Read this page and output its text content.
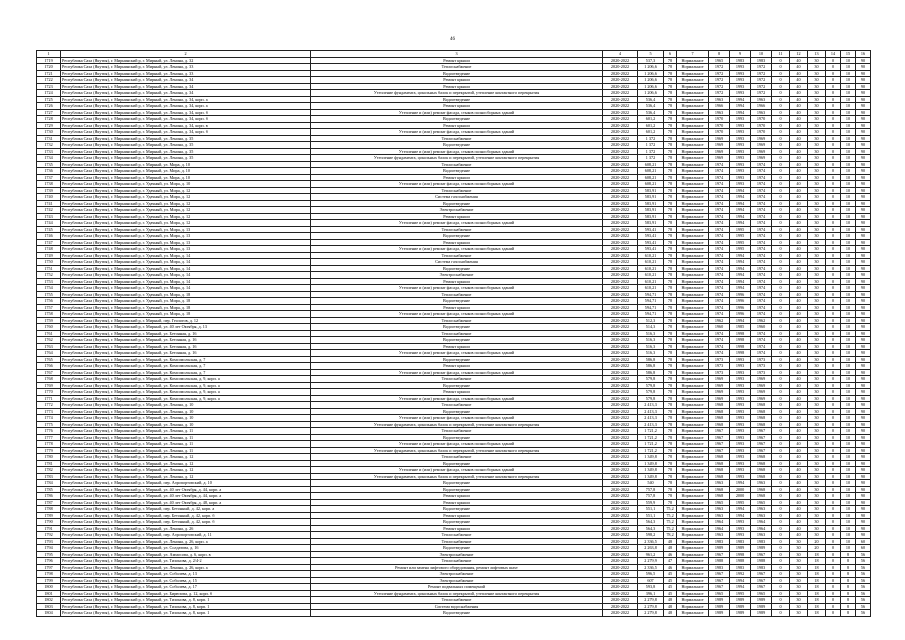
46
1	2	3	4	5	6	7	8	9	10	11	12	13	14	15	16
1719	Республика Саха (Якутия), г. Мирнинский р, г. Мирный, ул. Ленина, д. 32	Ремонт крыши	2020-2022	537,3	78	Нормальное	1965	1983	1983	0	40	30	0	10	90
1720	Республика Саха (Якутия), г. Мирнинский р, г. Мирный, ул. Ленина, д. 33	Теплоснабжение	2020-2022	1 206,6	78	Нормальное	1972	1993	1972	0	40	30	0	10	90
1721	Республика Саха (Якутия), г. Мирнинский р, г. Мирный, ул. Ленина, д. 33	Водоотведение	2020-2022	1 206,6	78	Нормальное	1972	1993	1972	0	40	30	0	10	90
1722	Республика Саха (Якутия), г. Мирнинский р, г. Мирный, ул. Ленина, д. 34	Ремонт крыши	2020-2022	1 206,6	78	Нормальное	1972	1993	1972	0	40	30	0	10	90
1723	Республика Саха (Якутия), г. Мирнинский р, г. Мирный, ул. Ленина, д. 34	Ремонт крыши	2020-2022	1 206,6	78	Нормальное	1972	1993	1972	0	40	30	0	10	90
1724	Республика Саха (Якутия), г. Мирнинский р, г. Мирный, ул. Ленина, д. 34	Утепление фундамента, цокольных балок и перекрытий, утепление контактного перекрытия	2020-2022	1 206,6	78	Нормальное	1972	1993	1972	0	40	30	0	10	90
1725	Республика Саха (Якутия), г. Мирнинский р, г. Мирный, ул. Ленина, д. 34, корп. а	Водоотведение	2020-2022	536,4	78	Нормальное	1963	1994	1963	0	40	30	0	10	90
1726	Республика Саха (Якутия), г. Мирнинский р, г. Мирный, ул. Ленина, д. 34, корп. а	Ремонт крыши	2020-2022	536,4	78	Нормальное	1966	1994	1966	0	40	30	0	10	90
1727	Республика Саха (Якутия), г. Мирнинский р, г. Мирный, ул. Ленина, д. 34, корп. б	Утепление и (или) ремонт фасада, стыков полносборных зданий	2020-2022	536,4	78	Нормальное	1963	1994	1963	0	40	30	0	10	90
1728	Республика Саха (Якутия), г. Мирнинский р, г. Мирный, ул. Ленина, д. 34, корп. б	Водоотведение	2020-2022	601,2	78	Нормальное	1970	1993	1970	0	40	30	0	10	90
1729	Республика Саха (Якутия), г. Мирнинский р, г. Мирный, ул. Ленина, д. 34, корп. в	Ремонт крыши	2020-2022	601,2	78	Нормальное	1970	1993	1970	0	40	30	0	10	90
1730	Республика Саха (Якутия), г. Мирнинский р, г. Мирный, ул. Ленина, д. 34, корп. б	Утепление и (или) ремонт фасада, стыков полносборных зданий	2020-2022	601,2	78	Нормальное	1970	1993	1970	0	40	30	0	10	90
1731	Республика Саха (Якутия), г. Мирнинский р, г. Мирный, ул. Ленина, д. 35	Теплоснабжение	2020-2022	1 372	78	Нормальное	1969	1993	1969	0	40	30	0	10	90
1732	Республика Саха (Якутия), г. Мирнинский р, г. Мирный, ул. Ленина, д. 35	Водоотведение	2020-2022	1 372	78	Нормальное	1969	1993	1969	0	40	30	0	10	90
1733	Республика Саха (Якутия), г. Мирнинский р, г. Мирный, ул. Ленина, д. 35	Утепление и (или) ремонт фасада, стыков полносборных зданий	2020-2022	1 372	78	Нормальное	1969	1993	1969	0	40	30	0	10	90
1734	Республика Саха (Якутия), г. Мирнинский р, г. Мирный, ул. Ленина, д. 35	Утепление фундамента, цокольных балок и перекрытий, утепление контактного перекрытия	2020-2022	1 372	78	Нормальное	1969	1993	1969	0	40	30	0	10	90
1735	Республика Саха (Якутия), г. Мирнинский р, г. Мирный, ул. Мира, д. 10	Теплоснабжение	2020-2022	608,21	78	Нормальное	1974	1993	1974	0	40	30	0	10	90
1736	Республика Саха (Якутия), г. Мирнинский р, г. Мирный, ул. Мира, д. 10	Водоотведение	2020-2022	608,21	78	Нормальное	1974	1993	1974	0	40	30	0	10	90
1737	Республика Саха (Якутия), г. Мирнинский р, г. Мирный, ул. Мира, д. 10	Ремонт крыши	2020-2022	608,21	78	Нормальное	1974	1993	1974	0	40	30	0	10	90
1738	Республика Саха (Якутия), г. Мирнинский р, г. Удачный, ул. Мира, д. 10	Утепление и (или) ремонт фасада, стыков полносборных зданий	2020-2022	608,21	78	Нормальное	1974	1993	1974	0	40	30	0	10	90
1739	Республика Саха (Якутия), г. Мирнинский р, г. Удачный, ул. Мира, д. 12	Теплоснабжение	2020-2022	583,91	78	Нормальное	1974	1994	1974	0	40	30	0	10	90
1740	Республика Саха (Якутия), г. Мирнинский р, г. Удачный, ул. Мира, д. 12	Система газоснабжения	2020-2022	583,91	78	Нормальное	1974	1994	1974	0	40	30	0	10	90
1741	Республика Саха (Якутия), г. Мирнинский р, г. Удачный, ул. Мира, д. 12	Водоотведение	2020-2022	583,91	78	Нормальное	1974	1994	1974	0	40	30	0	10	90
1742	Республика Саха (Якутия), г. Мирнинский р, г. Удачный, ул. Мира, д. 12	Электроснабжение	2020-2022	583,91	78	Нормальное	1974	1994	1974	0	40	30	0	10	90
1743	Республика Саха (Якутия), г. Мирнинский р, г. Удачный, ул. Мира, д. 12	Ремонт крыши	2020-2022	583,91	78	Нормальное	1974	1994	1974	0	40	30	0	10	90
1744	Республика Саха (Якутия), г. Мирнинский р, г. Удачный, ул. Мира, д. 12	Утепление и (или) ремонт фасада, стыков полносборных зданий	2020-2022	583,91	78	Нормальное	1974	1994	1974	0	40	30	0	10	90
1745	Республика Саха (Якутия), г. Мирнинский р, г. Удачный, ул. Мира, д. 13	Теплоснабжение	2020-2022	593,41	78	Нормальное	1974	1995	1974	0	40	30	0	10	90
1746	Республика Саха (Якутия), г. Мирнинский р, г. Удачный, ул. Мира, д. 13	Водоотведение	2020-2022	593,41	78	Нормальное	1974	1995	1974	0	40	30	0	10	90
1747	Республика Саха (Якутия), г. Мирнинский р, г. Удачный, ул. Мира, д. 13	Ремонт крыши	2020-2022	593,41	78	Нормальное	1974	1995	1974	0	40	30	0	10	90
1748	Республика Саха (Якутия), г. Мирнинский р, г. Удачный, ул. Мира, д. 13	Утепление и (или) ремонт фасада, стыков полносборных зданий	2020-2022	593,41	78	Нормальное	1974	1995	1974	0	40	30	0	10	90
1749	Республика Саха (Якутия), г. Мирнинский р, г. Удачный, ул. Мира, д. 14	Теплоснабжение	2020-2022	610,21	78	Нормальное	1974	1994	1974	0	40	30	0	10	90
1750	Республика Саха (Якутия), г. Мирнинский р, г. Удачный, ул. Мира, д. 14	Система газоснабжения	2020-2022	610,21	78	Нормальное	1974	1994	1974	0	40	30	0	10	90
1751	Республика Саха (Якутия), г. Мирнинский р, г. Удачный, ул. Мира, д. 14	Водоотведение	2020-2022	610,21	78	Нормальное	1974	1994	1974	0	40	30	0	10	90
1752	Республика Саха (Якутия), г. Мирнинский р, г. Удачный, ул. Мира, д. 14	Электроснабжение	2020-2022	610,21	78	Нормальное	1974	1994	1974	0	40	30	0	10	90
1753	Республика Саха (Якутия), г. Мирнинский р, г. Удачный, ул. Мира, д. 14	Ремонт крыши	2020-2022	610,21	78	Нормальное	1974	1994	1974	0	40	30	0	10	90
1754	Республика Саха (Якутия), г. Мирнинский р, г. Удачный, ул. Мира, д. 14	Утепление и (или) ремонт фасада, стыков полносборных зданий	2020-2022	610,21	78	Нормальное	1974	1994	1974	0	40	30	0	10	90
1755	Республика Саха (Якутия), г. Мирнинский р, г. Удачный, ул. Мира, д. 18	Теплоснабжение	2020-2022	594,71	78	Нормальное	1974	1996	1974	0	40	30	0	10	90
1756	Республика Саха (Якутия), г. Мирнинский р, г. Удачный, ул. Мира, д. 18	Водоотведение	2020-2022	594,71	78	Нормальное	1974	1996	1974	0	40	30	0	10	90
1757	Республика Саха (Якутия), г. Мирнинский р, г. Удачный, ул. Мира, д. 18	Ремонт крыши	2020-2022	594,71	78	Нормальное	1974	1996	1974	0	40	30	0	10	90
1758	Республика Саха (Якутия), г. Мирнинский р, г. Удачный, ул. Мира, д. 18	Утепление и (или) ремонт фасада, стыков полносборных зданий	2020-2022	594,71	78	Нормальное	1974	1996	1974	0	40	30	0	10	90
1759	Республика Саха (Якутия), г. Мирнинский р, г. Мирный, пер. Геологов, д. 12	Теплоснабжение	2020-2022	512,3	78	Нормальное	1962	1994	1962	0	40	30	0	10	90
1760	Республика Саха (Якутия), г. Мирнинский р, г. Мирный, ул. 40 лет Октября, д. 13	Водоотведение	2020-2022	514,3	78	Нормальное	1960	1985	1960	0	40	30	0	10	90
1761	Республика Саха (Якутия), г. Мирнинский р, г. Мирный, ул. Бетонная, д. 16	Теплоснабжение	2020-2022	516,3	78	Нормальное	1974	1998	1974	0	40	30	0	10	90
1762	Республика Саха (Якутия), г. Мирнинский р, г. Мирный, ул. Бетонная, д. 16	Водоотведение	2020-2022	516,3	78	Нормальное	1974	1998	1974	0	40	30	0	10	90
1763	Республика Саха (Якутия), г. Мирнинский р, г. Мирный, ул. Бетонная, д. 16	Ремонт крыши	2020-2022	516,3	78	Нормальное	1974	1998	1974	0	40	30	0	10	90
1764	Республика Саха (Якутия), г. Мирнинский р, г. Мирный, ул. Бетонная, д. 16	Утепление и (или) ремонт фасада, стыков полносборных зданий	2020-2022	516,3	78	Нормальное	1974	1998	1974	0	40	30	0	10	90
1765	Республика Саха (Якутия), г. Мирнинский р, г. Мирный, ул. Комсомольская, д. 7	Водоотведение	2020-2022	586,8	78	Нормальное	1973	1993	1973	0	40	30	0	10	90
1766	Республика Саха (Якутия), г. Мирнинский р, г. Мирный, ул. Комсомольская, д. 7	Ремонт крыши	2020-2022	586,8	78	Нормальное	1973	1993	1973	0	40	30	0	10	90
1767	Республика Саха (Якутия), г. Мирнинский р, г. Мирный, ул. Комсомольская, д. 7	Утепление и (или) ремонт фасада, стыков полносборных зданий	2020-2022	586,8	78	Нормальное	1973	1993	1973	0	40	30	0	10	90
1768	Республика Саха (Якутия), г. Мирнинский р, г. Мирный, ул. Комсомольская, д. 9, корп. а	Теплоснабжение	2020-2022	579,8	78	Нормальное	1969	1993	1969	0	40	30	0	10	90
1769	Республика Саха (Якутия), г. Мирнинский р, г. Мирный, ул. Комсомольская, д. 9, корп. а	Водоотведение	2020-2022	579,8	78	Нормальное	1969	1993	1969	0	40	30	0	10	90
1770	Республика Саха (Якутия), г. Мирнинский р, г. Мирный, ул. Комсомольская, д. 9, корп. а	Ремонт крыши	2020-2022	579,8	78	Нормальное	1969	1993	1969	0	40	30	0	10	90
1771	Республика Саха (Якутия), г. Мирнинский р, г. Мирный, ул. Комсомольская, д. 9, корп. а	Утепление и (или) ремонт фасада, стыков полносборных зданий	2020-2022	579,8	78	Нормальное	1969	1993	1969	0	40	30	0	10	90
1772	Республика Саха (Якутия), г. Мирнинский р, г. Мирный, ул. Ленина, д. 10	Теплоснабжение	2020-2022	2 413,3	78	Нормальное	1968	1993	1968	0	40	30	0	10	90
1773	Республика Саха (Якутия), г. Мирнинский р, г. Мирный, ул. Ленина, д. 10	Водоотведение	2020-2022	2 413,3	78	Нормальное	1968	1993	1968	0	40	30	0	10	90
1774	Республика Саха (Якутия), г. Мирнинский р, г. Мирный, ул. Ленина, д. 10	Утепление и (или) ремонт фасада, стыков полносборных зданий	2020-2022	2 413,3	78	Нормальное	1968	1993	1968	0	40	30	0	10	90
1775	Республика Саха (Якутия), г. Мирнинский р, г. Мирный, ул. Ленина, д. 10	Утепление фундамента, цокольных балок и перекрытий, утепление контактного перекрытия	2020-2022	2 413,3	78	Нормальное	1968	1993	1968	0	40	30	0	10	90
1776	Республика Саха (Якутия), г. Мирнинский р, г. Мирный, ул. Ленина, д. 11	Теплоснабжение	2020-2022	1 721,2	78	Нормальное	1967	1993	1967	0	40	30	0	10	90
1777	Республика Саха (Якутия), г. Мирнинский р, г. Мирный, ул. Ленина, д. 11	Водоотведение	2020-2022	1 721,2	78	Нормальное	1967	1993	1967	0	40	30	0	10	90
1778	Республика Саха (Якутия), г. Мирнинский р, г. Мирный, ул. Ленина, д. 11	Утепление и (или) ремонт фасада, стыков полносборных зданий	2020-2022	1 721,2	78	Нормальное	1967	1993	1967	0	40	30	0	10	90
1779	Республика Саха (Якутия), г. Мирнинский р, г. Мирный, ул. Ленина, д. 11	Утепление фундамента, цокольных балок и перекрытий, утепление контактного перекрытия	2020-2022	1 721,2	78	Нормальное	1967	1993	1967	0	40	30	0	10	90
1780	Республика Саха (Якутия), г. Мирнинский р, г. Мирный, ул. Ленина, д. 12	Теплоснабжение	2020-2022	1 349,8	78	Нормальное	1968	1993	1968	0	40	30	0	10	90
1781	Республика Саха (Якутия), г. Мирнинский р, г. Мирный, ул. Ленина, д. 12	Водоотведение	2020-2022	1 349,8	78	Нормальное	1968	1993	1968	0	40	30	0	10	90
1782	Республика Саха (Якутия), г. Мирнинский р, г. Мирный, ул. Ленина, д. 12	Утепление и (или) ремонт фасада, стыков полносборных зданий	2020-2022	1 349,8	78	Нормальное	1968	1993	1968	0	40	30	0	10	90
1783	Республика Саха (Якутия), г. Мирнинский р, г. Мирный, ул. Ленина, д. 12	Утепление фундамента, цокольных балок и перекрытий, утепление контактного перекрытия	2020-2022	1 349,8	78	Нормальное	1968	1993	1968	0	40	30	0	10	90
1784	Республика Саха (Якутия), г. Мирнинский р, г. Мирный, пер. Аэропортовский, д. 10	Водоотведение	2020-2022	540	78	Нормальное	1963	1994	1963	0	40	30	0	10	90
1785	Республика Саха (Якутия), г. Мирнинский р, г. Мирный, ул. 40 лет Октября, д. 44, корп. а	Водоотведение	2020-2022	757,8	78	Нормальное	1968	2000	1968	0	40	30	0	10	90
1786	Республика Саха (Якутия), г. Мирнинский р, г. Мирный, ул. 40 лет Октября, д. 44, корп. а	Ремонт крыши	2020-2022	757,8	78	Нормальное	1968	2000	1968	0	40	30	0	10	90
1787	Республика Саха (Якутия), г. Мирнинский р, г. Мирный, ул. 40 лет Октября, д. 48, корп. а	Ремонт крыши	2020-2022	559,9	78	Нормальное	1965	1995	1965	0	40	30	0	10	90
1788	Республика Саха (Якутия), г. Мирнинский р, г. Мирный, пер. Бетонный, д. 42, корп. а	Водоотведение	2020-2022	551,1	75,2	Нормальное	1963	1994	1963	0	40	30	0	10	90
1789	Республика Саха (Якутия), г. Мирнинский р, г. Мирный, пер. Бетонный, д. 42, корп. б	Ремонт крыши	2020-2022	551,1	75,2	Нормальное	1963	1994	1963	0	40	30	0	10	90
1790	Республика Саха (Якутия), г. Мирнинский р, г. Мирный, пер. Бетонный, д. 42, корп. б	Водоотведение	2020-2022	564,3	75,2	Нормальное	1964	1993	1964	0	40	30	0	10	90
1791	Республика Саха (Якутия), г. Мирнинский р, г. Мирный, ул. Ленина, д. 26	Ремонт крыши	2020-2022	564,3	75,2	Нормальное	1964	1993	1964	0	40	30	0	10	90
1792	Республика Саха (Якутия), г. Мирнинский р, г. Мирный, пер. Аэропортовский, д. 11	Теплоснабжение	2020-2022	598,2	78,2	Нормальное	1963	1993	1963	0	40	30	0	10	90
1793	Республика Саха (Якутия), г. Мирнинский р, г. Мирный, ул. Ленина, д. 26, корп. а	Теплоснабжение	2020-2022	2 336,5	48	Нормальное	1983	1983	1983	0	30	20	0	10	60
1794	Республика Саха (Якутия), г. Мирнинский р, г. Мирный, ул. Солдатова, д. 16	Водоотведение	2020-2022	2 263,8	48	Нормальное	1989	1989	1989	0	30	20	0	10	60
1795	Республика Саха (Якутия), г. Мирнинский р, г. Мирный, ул. Аммосова, д. 6, корп. в	Электроснабжение	2020-2022	961,2	46	Нормальное	1967	1998	1967	0	30	18	0	8	56
1796	Республика Саха (Якутия), г. Мирнинский р, г. Мирный, ул. Тихонова, д. 2/4-2	Теплоснабжение	2020-2022	2 279,9	47	Нормальное	1988	1988	1988	0	30	18	0	8	56
1797	Республика Саха (Якутия), г. Мирнинский р, г. Мирный, ул. Ленина, д. 26, корп. а	Ремонт или замена лифтового оборудования, ремонт лифтовых шахт	2020-2022	2 336,5	46	Нормальное	1983	1983	1983	0	30	18	0	8	56
1798	Республика Саха (Якутия), г. Мирнинский р, г. Мирный, ул. Соболева, д. 13	Электроснабжение	2020-2022	596,5	45	Нормальное	1967	1992	1967	0	30	18	0	8	56
1799	Республика Саха (Якутия), г. Мирнинский р, г. Мирный, ул. Соболева, д. 15	Электроснабжение	2020-2022	607	45	Нормальное	1967	1994	1967	0	30	18	0	8	56
1800	Республика Саха (Якутия), г. Мирнинский р, г. Мирный, ул. Соболева, д. 17	Ремонт подвальных помещений	2020-2022	593,8	45	Нормальное	1967	1994	1967	0	30	18	0	8	56
1801	Республика Саха (Якутия), г. Мирнинский р, г. Мирный, ул. Бирюзова, д. 12, корп. б	Утепление фундамента, цокольных балок и перекрытий, утепление контактного перекрытия	2020-2022	396,1	45	Нормальное	1965	1995	1965	0	30	18	0	8	56
1802	Республика Саха (Якутия), г. Мирнинский р, г. Мирный, ул. Тихонова, д. 8, корп. 1	Теплоснабжение	2020-2022	2 279,8	48	Нормальное	1989	1989	1989	0	30	18	0	8	56
1803	Республика Саха (Якутия), г. Мирнинский р, г. Мирный, ул. Тихонова, д. 8, корп. 1	Система водоснабжения	2020-2022	2 279,8	48	Нормальное	1989	1989	1989	0	30	18	0	8	56
1804	Республика Саха (Якутия), г. Мирнинский р, г. Мирный, ул. Тихонова, д. 8, корп. 1	Водоотведение	2020-2022	2 279,8	48	Нормальное	1989	1989	1989	0	30	18	0	8	56
